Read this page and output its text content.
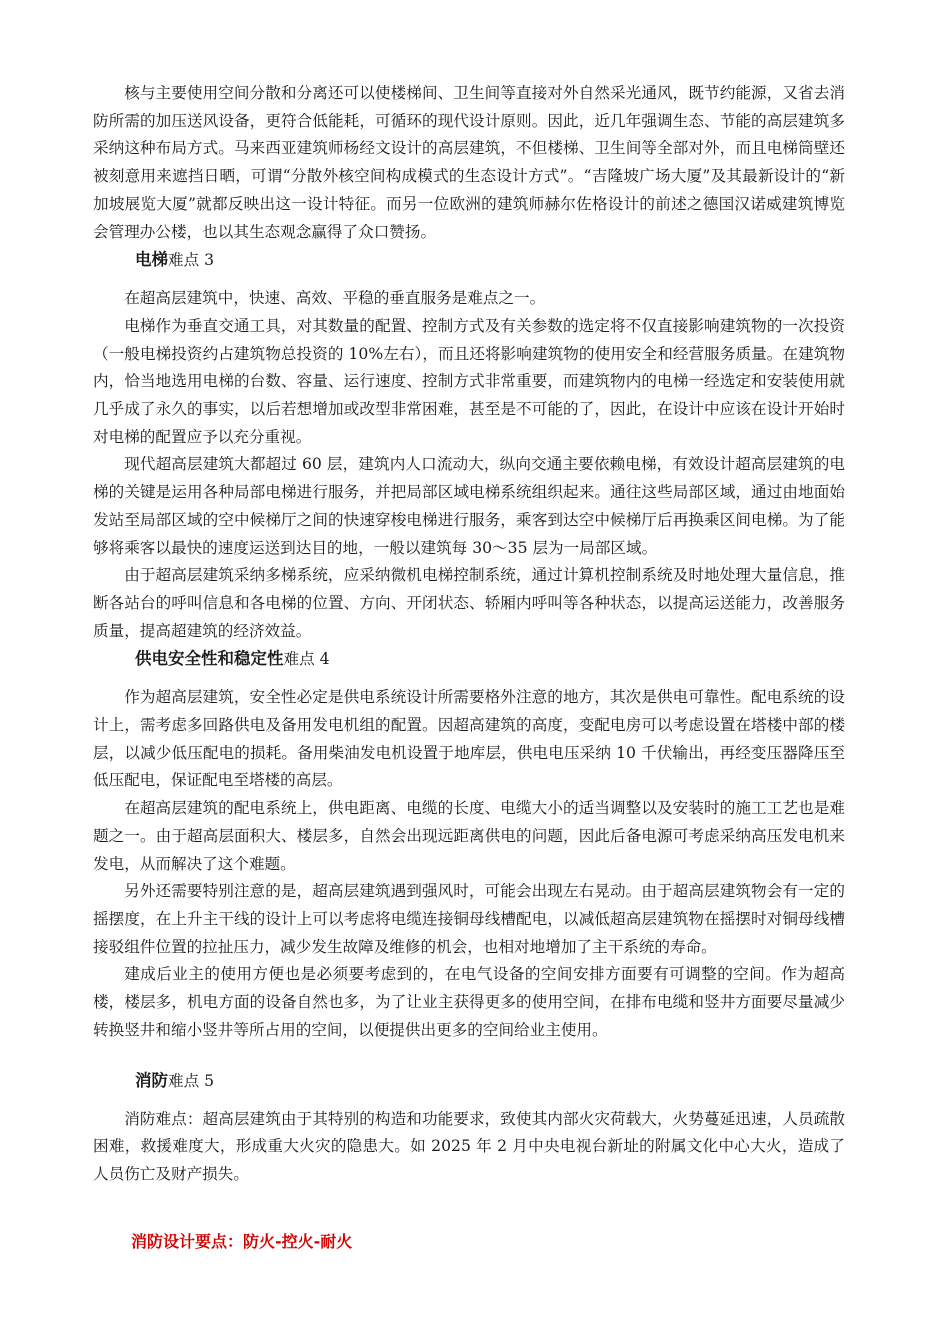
核与主要使用空间分散和分离还可以使楼梯间、卫生间等直接对外自然采光通风，既节约能源，又省去消防所需的加压送风设备，更符合低能耗，可循环的现代设计原则。因此，近几年强调生态、节能的高层建筑多采纳这种布局方式。马来西亚建筑师杨经文设计的高层建筑，不但楼梯、卫生间等全部对外，而且电梯筒壁还被刻意用来遮挡日晒，可谓“分散外核空间构成模式的生态设计方式”。“吉隆坡广场大厦”及其最新设计的“新加坡展览大厦”就都反映出这一设计特征。而另一位欧洲的建筑师赫尔佐格设计的前述之德国汉诺威建筑博览会管理办公楼，也以其生态观念赢得了众口赞扬。

电梯难点 3

在超高层建筑中，快速、高效、平稳的垂直服务是难点之一。

电梯作为垂直交通工具，对其数量的配置、控制方式及有关参数的选定将不仅直接影响建筑物的一次投资（一般电梯投资约占建筑物总投资的 10%左右），而且还将影响建筑物的使用安全和经营服务质量。在建筑物内，恰当地选用电梯的台数、容量、运行速度、控制方式非常重要，而建筑物内的电梯一经选定和安装使用就几乎成了永久的事实，以后若想增加或改型非常困难，甚至是不可能的了，因此，在设计中应该在设计开始时对电梯的配置应予以充分重视。

现代超高层建筑大都超过 60 层，建筑内人口流动大，纵向交通主要依赖电梯，有效设计超高层建筑的电梯的关键是运用各种局部电梯进行服务，并把局部区域电梯系统组织起来。通往这些局部区域，通过由地面始发站至局部区域的空中候梯厅之间的快速穿梭电梯进行服务，乘客到达空中候梯厅后再换乘区间电梯。为了能够将乘客以最快的速度运送到达目的地，一般以建筑每 30～35 层为一局部区域。

由于超高层建筑采纳多梯系统，应采纳微机电梯控制系统，通过计算机控制系统及时地处理大量信息，推断各站台的呼叫信息和各电梯的位置、方向、开闭状态、轿厢内呼叫等各种状态，以提高运送能力，改善服务质量，提高超建筑的经济效益。

供电安全性和稳定性难点 4

作为超高层建筑，安全性必定是供电系统设计所需要格外注意的地方，其次是供电可靠性。配电系统的设计上，需考虑多回路供电及备用发电机组的配置。因超高建筑的高度，变配电房可以考虑设置在塔楼中部的楼层，以减少低压配电的损耗。备用柴油发电机设置于地库层，供电电压采纳 10 千伏输出，再经变压器降压至低压配电，保证配电至塔楼的高层。

在超高层建筑的配电系统上，供电距离、电缆的长度、电缆大小的适当调整以及安装时的施工工艺也是难题之一。由于超高层面积大、楼层多，自然会出现远距离供电的问题，因此后备电源可考虑采纳高压发电机来发电，从而解决了这个难题。

另外还需要特别注意的是，超高层建筑遇到强风时，可能会出现左右晃动。由于超高层建筑物会有一定的摇摆度，在上升主干线的设计上可以考虑将电缆连接铜母线槽配电，以减低超高层建筑物在摇摆时对铜母线槽接驳组件位置的拉扯压力，减少发生故障及维修的机会，也相对地增加了主干系统的寿命。

建成后业主的使用方便也是必须要考虑到的，在电气设备的空间安排方面要有可调整的空间。作为超高楼，楼层多，机电方面的设备自然也多，为了让业主获得更多的使用空间，在排布电缆和竖井方面要尽量减少转换竖井和缩小竖井等所占用的空间，以便提供出更多的空间给业主使用。

消防难点 5

消防难点：超高层建筑由于其特别的构造和功能要求，致使其内部火灾荷载大，火势蔓延迅速，人员疏散困难，救援难度大，形成重大火灾的隐患大。如 2025 年 2 月中央电视台新址的附属文化中心大火，造成了人员伤亡及财产损失。

消防设计要点：防火-控火-耐火
